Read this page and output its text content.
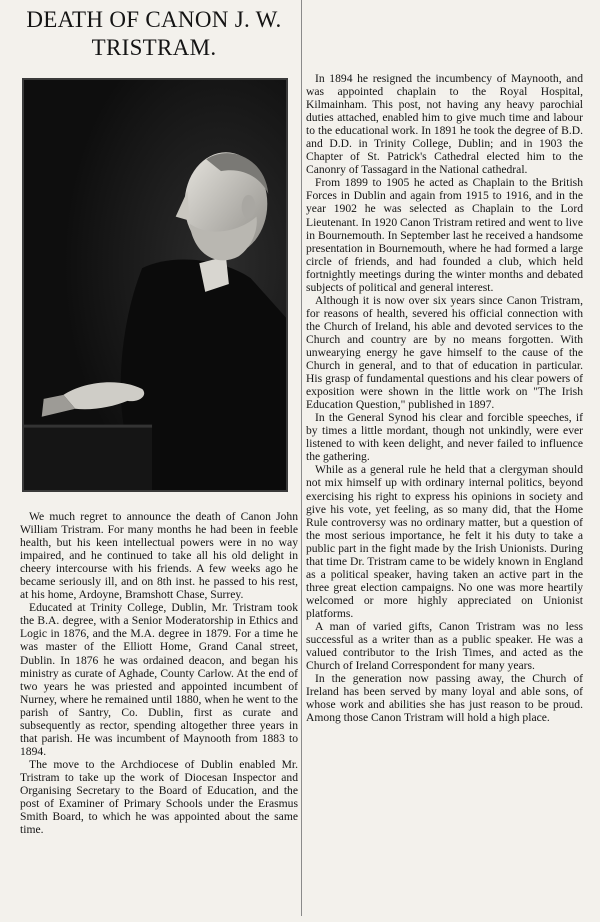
DEATH OF CANON J. W.
TRISTRAM.

We much regret to announce the death of Canon John William Tristram. For many months he had been in feeble health, but his keen intellectual powers were in no way impaired, and he continued to take all his old delight in cheery intercourse with his friends. A few weeks ago he became seriously ill, and on 8th inst. he passed to his rest, at his home, Ardoyne, Bramshott Chase, Surrey.

Educated at Trinity College, Dublin, Mr. Tristram took the B.A. degree, with a Senior Moderatorship in Ethics and Logic in 1876, and the M.A. degree in 1879. For a time he was master of the Elliott Home, Grand Canal street, Dublin. In 1876 he was ordained deacon, and began his ministry as curate of Aghade, County Carlow. At the end of two years he was priested and appointed incumbent of Nurney, where he remained until 1880, when he went to the parish of Santry, Co. Dublin, first as curate and subsequently as rector, spending altogether three years in that parish. He was incumbent of Maynooth from 1883 to 1894.

The move to the Archdiocese of Dublin enabled Mr. Tristram to take up the work of Diocesan Inspector and Organising Secretary to the Board of Education, and the post of Examiner of Primary Schools under the Erasmus Smith Board, to which he was appointed about the same time.

In 1894 he resigned the incumbency of Maynooth, and was appointed chaplain to the Royal Hospital, Kilmainham. This post, not having any heavy parochial duties attached, enabled him to give much time and labour to the educational work. In 1891 he took the degree of B.D. and D.D. in Trinity College, Dublin; and in 1903 the Chapter of St. Patrick's Cathedral elected him to the Canonry of Tassagard in the National cathedral.

From 1899 to 1905 he acted as Chaplain to the British Forces in Dublin and again from 1915 to 1916, and in the year 1902 he was selected as Chaplain to the Lord Lieutenant. In 1920 Canon Tristram retired and went to live in Bournemouth. In September last he received a handsome presentation in Bournemouth, where he had formed a large circle of friends, and had founded a club, which held fortnightly meetings during the winter months and debated subjects of political and general interest.

Although it is now over six years since Canon Tristram, for reasons of health, severed his official connection with the Church of Ireland, his able and devoted services to the Church and country are by no means forgotten. With unwearying energy he gave himself to the cause of the Church in general, and to that of education in particular. His grasp of fundamental questions and his clear powers of exposition were shown in the little work on "The Irish Education Question," published in 1897.

In the General Synod his clear and forcible speeches, if by times a little mordant, though not unkindly, were ever listened to with keen delight, and never failed to influence the gathering.

While as a general rule he held that a clergyman should not mix himself up with ordinary internal politics, beyond exercising his right to express his opinions in society and give his vote, yet feeling, as so many did, that the Home Rule controversy was no ordinary matter, but a question of the most serious importance, he felt it his duty to take a public part in the fight made by the Irish Unionists. During that time Dr. Tristram came to be widely known in England as a political speaker, having taken an active part in the three great election campaigns. No one was more heartily welcomed or more highly appreciated on Unionist platforms.

A man of varied gifts, Canon Tristram was no less successful as a writer than as a public speaker. He was a valued contributor to the Irish Times, and acted as the Church of Ireland Correspondent for many years.

In the generation now passing away, the Church of Ireland has been served by many loyal and able sons, of whose work and abilities she has just reason to be proud. Among those Canon Tristram will hold a high place.
